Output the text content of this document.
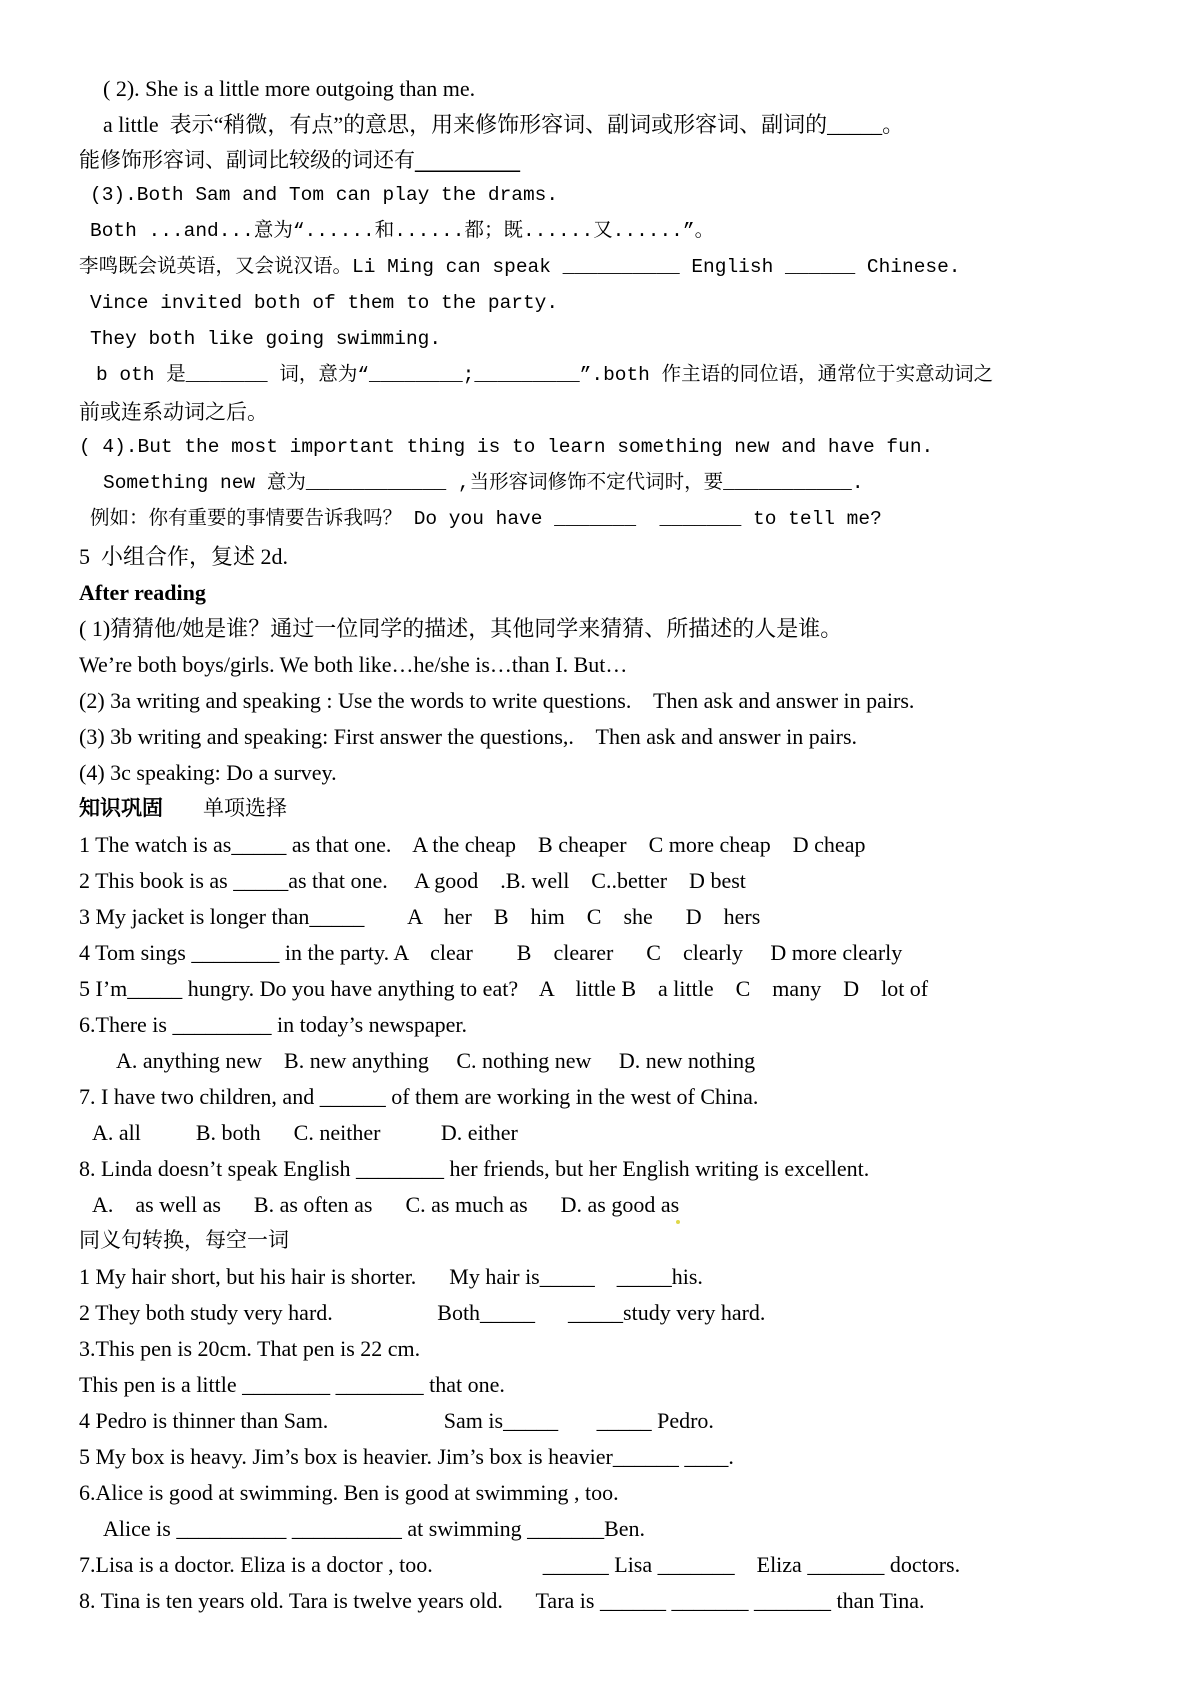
( 2). She is a little more outgoing than me.
a little  表示“稍微，有点”的意思，用来修饰形容词、副词或形容词、副词的_____。
能修饰形容词、副词比较级的词还有__________
(3).Both Sam and Tom can play the drams.
Both ...and...意为“......和......都；既......又......”。
李鸣既会说英语，又会说汉语。Li Ming can speak __________ English ______ Chinese.
Vince invited both of them to the party.
They both like going swimming.
b oth 是_______ 词，意为“________;_________”.both 作主语的同位语，通常位于实意动词之
前或连系动词之后。
( 4).But the most important thing is to learn something new and have fun.
Something new 意为____________ ,当形容词修饰不定代词时，要___________.
例如：你有重要的事情要告诉我吗？ Do you have _______  _______ to tell me?
5  小组合作，复述 2d.
After reading
( 1)猜猜他/她是谁？通过一位同学的描述，其他同学来猜猜、所描述的人是谁。
We’re both boys/girls. We both like…he/she is…than I. But…
(2) 3a writing and speaking : Use the words to write questions.    Then ask and answer in pairs.
(3) 3b writing and speaking: First answer the questions,.    Then ask and answer in pairs.
(4) 3c speaking: Do a survey.
知识巩固 单项选择
1 The watch is as_____ as that one.    A the cheap    B cheaper    C more cheap    D cheap
2 This book is as _____as that one.     A good    .B. well    C..better    D best
3 My jacket is longer than_____        A    her    B    him    C    she      D    hers
4 Tom sings ________ in the party. A    clear        B    clearer      C    clearly     D more clearly
5 I’m_____ hungry. Do you have anything to eat?    A    little B    a little    C    many    D    lot of
6.There is _________ in today’s newspaper.
A. anything new    B. new anything     C. nothing new     D. new nothing
7. I have two children, and ______ of them are working in the west of China.
A. all          B. both      C. neither           D. either
8. Linda doesn’t speak English ________ her friends, but her English writing is excellent.
A.    as well as      B. as often as      C. as much as      D. as good as
同义句转换，每空一词
1 My hair short, but his hair is shorter.      My hair is_____    _____his.
2 They both study very hard.                   Both_____      _____study very hard.
3.This pen is 20cm. That pen is 22 cm.
This pen is a little ________ ________ that one.
4 Pedro is thinner than Sam.                     Sam is_____       _____ Pedro.
5 My box is heavy. Jim’s box is heavier. Jim’s box is heavier______ ____.
6.Alice is good at swimming. Ben is good at swimming , too.
Alice is __________ __________ at swimming _______Ben.
7.Lisa is a doctor. Eliza is a doctor , too.                    ______ Lisa _______    Eliza _______ doctors.
8. Tina is ten years old. Tara is twelve years old.      Tara is ______ _______ _______ than Tina.
